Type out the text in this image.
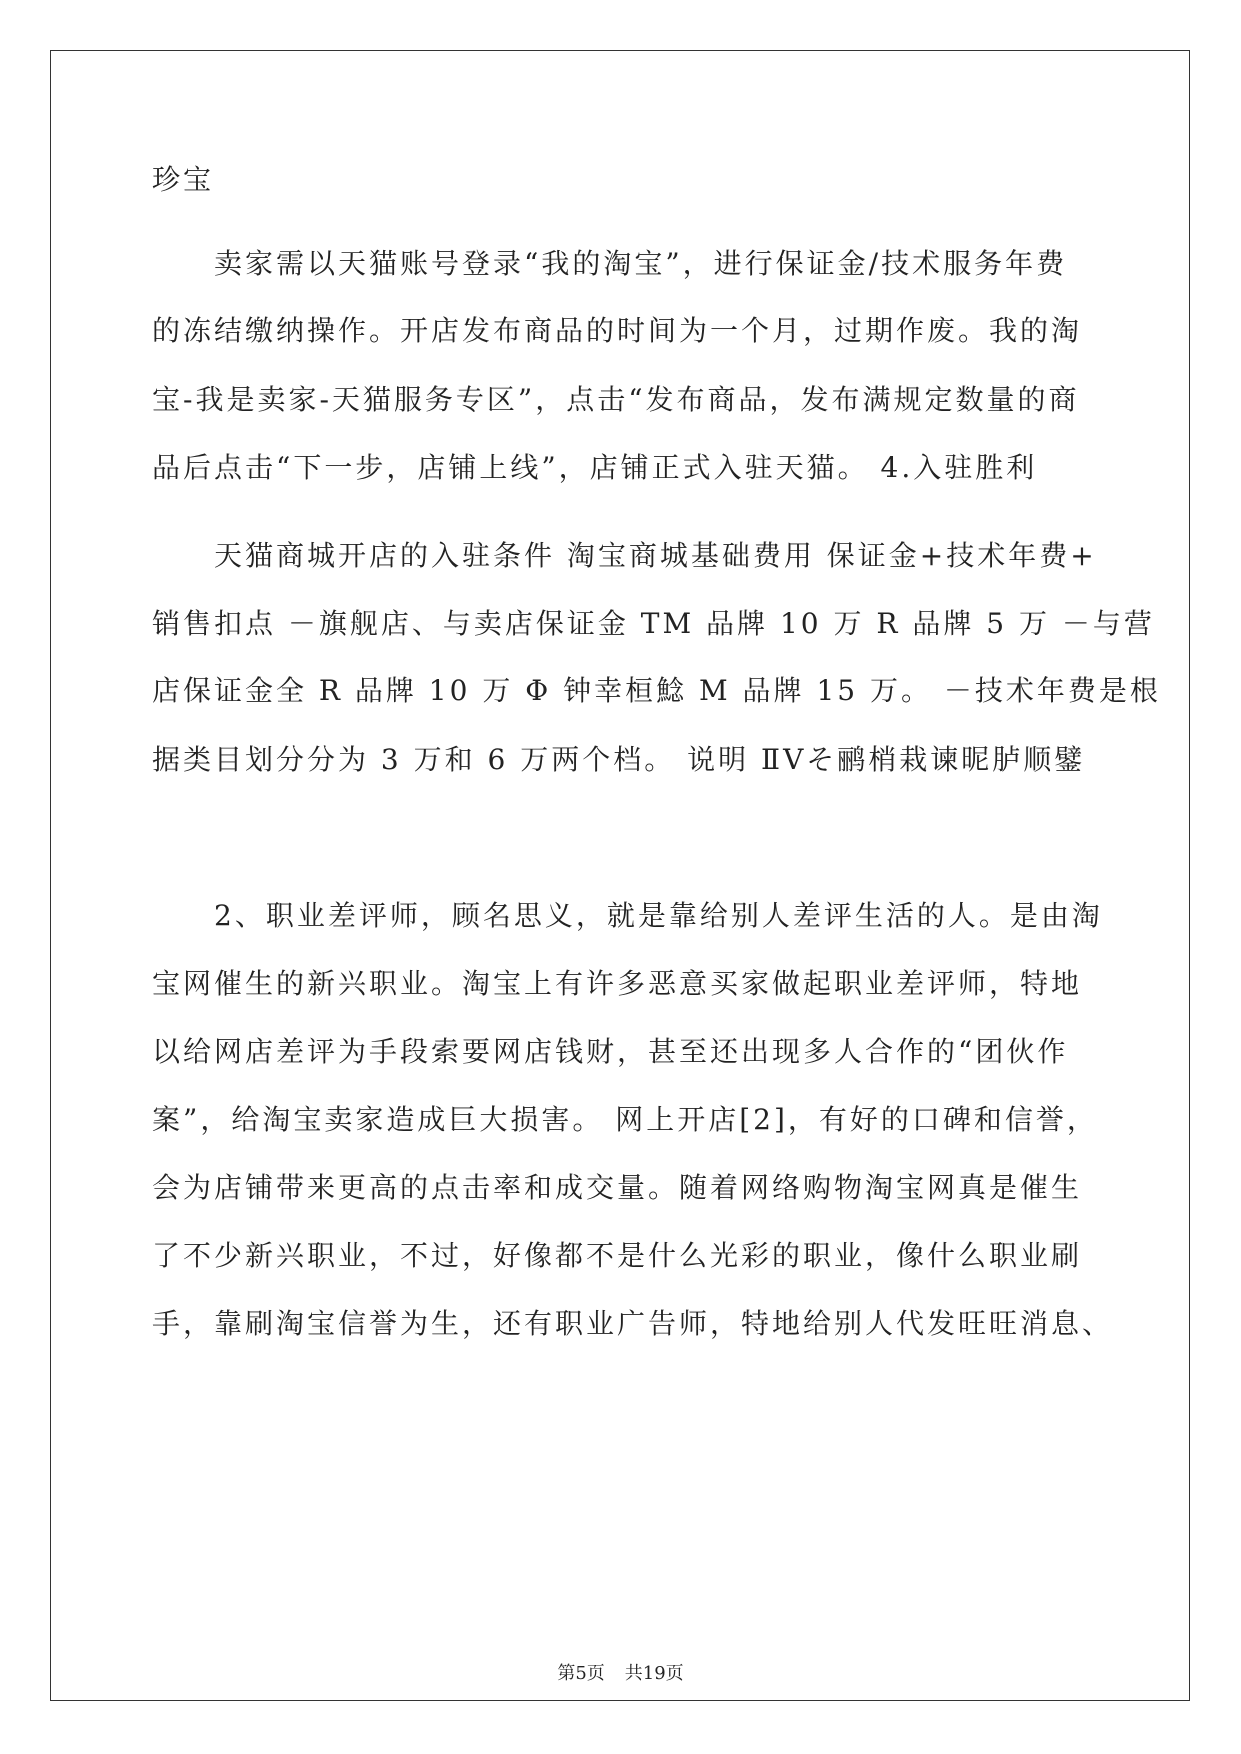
珍宝
　　卖家需以天猫账号登录“我的淘宝”，进行保证金/技术服务年费
的冻结缴纳操作。开店发布商品的时间为一个月，过期作废。我的淘
宝-我是卖家-天猫服务专区”，点击“发布商品，发布满规定数量的商
品后点击“下一步，店铺上线”，店铺正式入驻天猫。 4.入驻胜利
　　天猫商城开店的入驻条件 淘宝商城基础费用 保证金+技术年费+
销售扣点 －旗舰店、与卖店保证金 TM 品牌 10 万 R 品牌 5 万 －与营
店保证金全 R 品牌 10 万 Φ 钟幸桓鯰 M 品牌 15 万。 －技术年费是根
据类目划分分为 3 万和 6 万两个档。 说明 ⅡⅤそ鹂梢栽谏昵胪顺鐾
　　2、职业差评师，顾名思义，就是靠给别人差评生活的人。是由淘
宝网催生的新兴职业。淘宝上有许多恶意买家做起职业差评师，特地
以给网店差评为手段索要网店钱财，甚至还出现多人合作的“团伙作
案”，给淘宝卖家造成巨大损害。 网上开店[2]，有好的口碑和信誉，
会为店铺带来更高的点击率和成交量。随着网络购物淘宝网真是催生
了不少新兴职业，不过，好像都不是什么光彩的职业，像什么职业刷
手，靠刷淘宝信誉为生，还有职业广告师，特地给别人代发旺旺消息、
第5页 共19页
